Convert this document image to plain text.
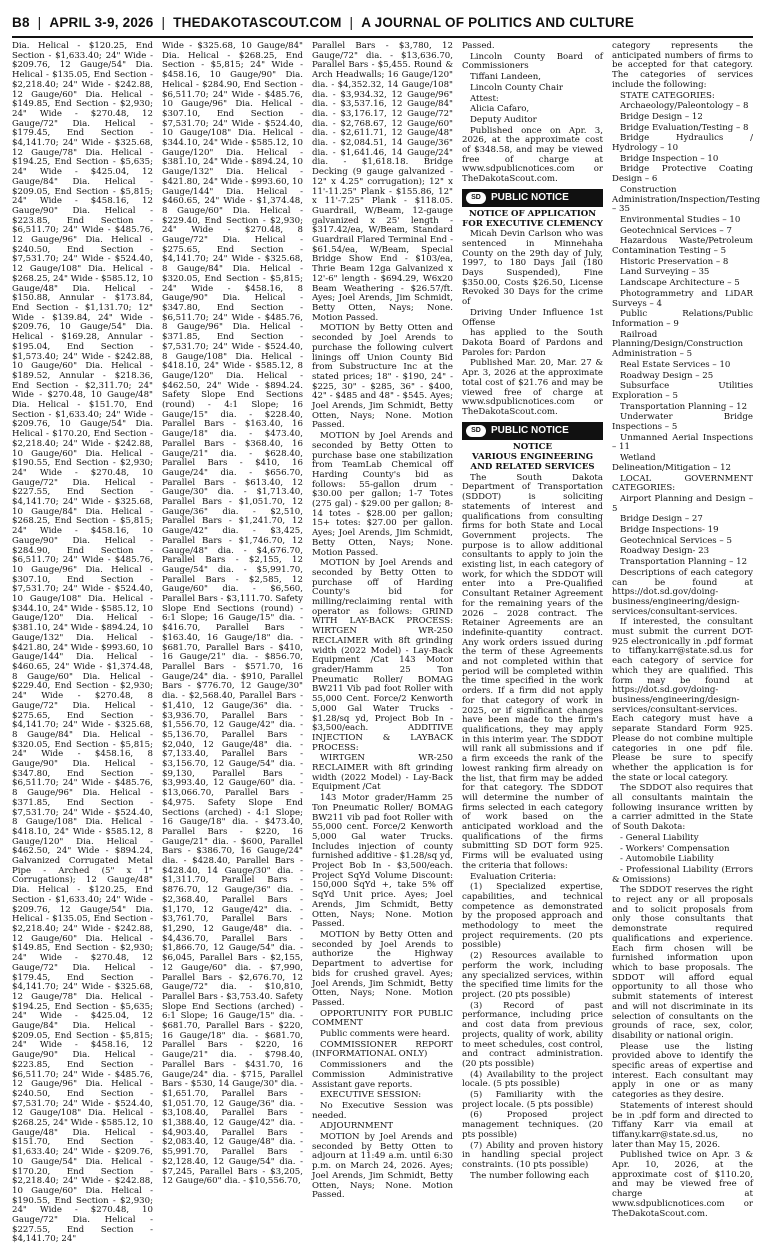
B8 | APRIL 3-9, 2026 | THEDAKOTASCOUT.COM | A JOURNAL OF POLITICS AND CULTURE

Dia. Helical - $120.25, End Section - $1,633.40; 24" Wide - $209.76, 12 Gauge/54" Dia. Helical - $135.05, End Section - $2,218.40; 24" Wide - $242.88, 12 Gauge/60" Dia. Helical - $149.85, End Section - $2,930; 24" Wide - $270.48, 12 Gauge/72" Dia. Helical - $179.45, End Section - $4,141.70; 24" Wide - $325.68, 12 Gauge/78" Dia. Helical - $194.25, End Section - $5,635; 24" Wide - $425.04, 12 Gauge/84" Dia. Helical - $209.05, End Section - $5,815; 24" Wide - $458.16, 12 Gauge/90" Dia. Helical - $223.85, End Section - $6,511.70; 24" Wide - $485.76, 12 Gauge/96" Dia. Helical - $240.50, End Section - $7,531.70; 24" Wide - $524.40, 12 Gauge/108" Dia. Helical - $268.25, 24" Wide - $585.12, 10 Gauge/48" Dia. Helical - $150.88, Annular - $173.84, End Section - $1,131.70; 12" Wide - $139.84, 24" Wide - $209.76, 10 Gauge/54" Dia. Helical - $169.28, Annular - $195.04, End Section - $1,573.40; 24" Wide - $242.88, 10 Gauge/60" Dia. Helical - $189.52, Annular - $218.36, End Section - $2,311.70; 24" Wide - $270.48, 10 Gauge/48" Dia. Helical - $151.70, End Section - $1,633.40; 24" Wide - $209.76, 10 Gauge/54" Dia. Helical - $170.20, End Section - $2,218.40; 24" Wide - $242.88, 10 Gauge/60" Dia. Helical - $190.55, End Section - $2,930; 24" Wide - $270.48, 10 Gauge/72" Dia. Helical - $227.55, End Section - $4,141.70; 24" Wide - $325.68, 10 Gauge/84" Dia. Helical - $268.25, End Section - $5,815; 24" Wide - $458.16, 10 Gauge/90" Dia. Helical - $284.90, End Section - $6,511.70; 24" Wide - $485.76, 10 Gauge/96" Dia. Helical - $307.10, End Section - $7,531.70; 24" Wide - $524.40, 10 Gauge/108" Dia. Helical - $344.10, 24" Wide - $585.12, 10 Gauge/120" Dia. Helical - $381.10, 24" Wide - $894.24, 10 Gauge/132" Dia. Helical - $421.80, 24" Wide - $993.60, 10 Gauge/144" Dia. Helical - $460.65, 24" Wide - $1,374.48, 8 Gauge/60" Dia. Helical - $229.40, End Section - $2,930; 24" Wide - $270.48, 8 Gauge/72" Dia. Helical - $275.65, End Section - $4,141.70; 24" Wide - $325.68, 8 Gauge/84" Dia. Helical - $320.05, End Section - $5,815; 24" Wide - $458.16, 8 Gauge/90" Dia. Helical - $347.80, End Section - $6,511.70; 24" Wide - $485.76, 8 Gauge/96" Dia. Helical - $371.85, End Section - $7,531.70; 24" Wide - $524.40, 8 Gauge/108" Dia. Helical - $418.10, 24" Wide - $585.12, 8 Gauge/120" Dia. Helical - $462.50, 24" Wide - $894.24, Galvanized Corrugated Metal Pipe - Arched (5" x 1" Corrugations); 12 Gauge/48" Dia. Helical - $120.25, End Section - $1,633.40; 24" Wide - $209.76, 12 Gauge/54" Dia. Helical - $135.05, End Section - $2,218.40; 24" Wide - $242.88, 12 Gauge/60" Dia. Helical - $149.85, End Section - $2,930; 24" Wide - $270.48, 12 Gauge/72" Dia. Helical - $179.45, End Section - $4,141.70; 24" Wide - $325.68, 12 Gauge/78" Dia. Helical - $194.25, End Section - $5,635; 24" Wide - $425.04, 12 Gauge/84" Dia. Helical - $209.05, End Section - $5,815; 24" Wide - $458.16, 12 Gauge/90" Dia. Helical - $223.85, End Section - $6,511.70; 24" Wide - $485.76, 12 Gauge/96" Dia. Helical - $240.50, End Section - $7,531.70; 24" Wide - $524.40, 12 Gauge/108" Dia. Helical - $268.25, 24" Wide - $585.12, 10 Gauge/48" Dia. Helical - $151.70, End Section - $1,633.40; 24" Wide - $209.76, 10 Gauge/54" Dia. Helical - $170.20, End Section - $2,218.40; 24" Wide - $242.88, 10 Gauge/60" Dia. Helical - $190.55, End Section - $2,930; 24" Wide - $270.48, 10 Gauge/72" Dia. Helical - $227.55, End Section - $4,141.70; 24"

Wide - $325.68, 10 Gauge/84" Dia. Helical - $268.25, End Section - $5,815; 24" Wide - $458.16, 10 Gauge/90" Dia. Helical - $284.90, End Section - $6,511.70; 24" Wide - $485.76, 10 Gauge/96" Dia. Helical - $307.10, End Section - $7,531.70; 24" Wide - $524.40, 10 Gauge/108" Dia. Helical - $344.10, 24" Wide - $585.12, 10 Gauge/120" Dia. Helical - $381.10, 24" Wide - $894.24, 10 Gauge/132" Dia. Helical - $421.80, 24" Wide - $993.60, 10 Gauge/144" Dia. Helical - $460.65, 24" Wide - $1,374.48, 8 Gauge/60" Dia. Helical - $229.40, End Section - $2,930; 24" Wide - $270.48, 8 Gauge/72" Dia. Helical - $275.65, End Section - $4,141.70; 24" Wide - $325.68, 8 Gauge/84" Dia. Helical - $320.05, End Section - $5,815; 24" Wide - $458.16, 8 Gauge/90" Dia. Helical - $347.80, End Section - $6,511.70; 24" Wide - $485.76, 8 Gauge/96" Dia. Helical - $371.85, End Section - $7,531.70; 24" Wide - $524.40, 8 Gauge/108" Dia. Helical - $418.10, 24" Wide - $585.12, 8 Gauge/120" Dia. Helical - $462.50, 24" Wide - $894.24. Safety Slope End Sections (round) - 4:1 Slope; 16 Gauge/15" dia. - $228.40, Parallel Bars - $163.40, 16 Gauge/18" dia. - $473.40, Parallel Bars - $368.40, 16 Gauge/21" dia. - $628.40, Parallel Bars - $410, 16 Gauge/24" dia. - $656.70, Parallel Bars - $613.40, 12 Gauge/30" dia. - $1,713.40, Parallel Bars - $1,051.70, 12 Gauge/36" dia. - $2,510, Parallel Bars - $1,241.70, 12 Gauge/42" dia. - $3,425, Parallel Bars - $1,746.70, 12 Gauge/48" dia. - $4,676.70, Parallel Bars - $2,155, 12 Gauge/54" dia. - $5,991.70, Parallel Bars - $2,585, 12 Gauge/60" dia. - $6,560, Parallel Bars - $3,111.70. Safety Slope End Sections (round) - 6:1 Slope; 16 Gauge/15" dia. - $416.70, Parallel Bars - $163.40, 16 Gauge/18" dia. - $681.70, Parallel Bars - $410, 16 Gauge/21" dia. - $856.70, Parallel Bars - $571.70, 16 Gauge/24" dia. - $910, Parallel Bars - $776.70, 12 Gauge/30" dia. - $2,568.40, Parallel Bars - $1,410, 12 Gauge/36" dia. - $3,936.70, Parallel Bars - $1,556.70, 12 Gauge/42" dia. - $5,136.70, Parallel Bars - $2,040, 12 Gauge/48" dia. - $7,133.40, Parallel Bars - $3,156.70, 12 Gauge/54" dia. - $9,130, Parallel Bars - $3,993.40, 12 Gauge/60" dia. - $13,066.70, Parallel Bars - $4,975. Safety Slope End Sections (arched) - 4:1 Slope; 16 Gauge/18" dia. - $473.40, Parallel Bars - $220, 16 Gauge/21" dia. - $600, Parallel Bars - $386.70, 16 Gauge/24" dia. - $428.40, Parallel Bars - $428.40, 14 Gauge/30" dia. - $1,311.70, Parallel Bars - $876.70, 12 Gauge/36" dia. - $2,368.40, Parallel Bars - $1,170, 12 Gauge/42" dia. - $3,761.70, Parallel Bars - $1,290, 12 Gauge/48" dia. - $4,436.70, Parallel Bars - $1,866.70, 12 Gauge/54" dia. - $6,045, Parallel Bars - $2,155, 12 Gauge/60" dia. - $7,990, Parallel Bars - $2,676.70, 12 Gauge/72" dia. - $10,810, Parallel Bars - $3,753.40. Safety Slope End Sections (arched) - 6:1 Slope; 16 Gauge/15" dia. - $681.70, Parallel Bars - $220, 16 Gauge/18" dia. - $681.70, Parallel Bars - $220, 16 Gauge/21" dia. - $798.40, Parallel Bars - $431.70, 16 Gauge/24" dia. - $715, Parallel Bars - $530, 14 Gauge/30" dia. - $1,651.70, Parallel Bars - $1,051.70, 12 Gauge/36" dia. - $3,108.40, Parallel Bars - $1,388.40, 12 Gauge/42" dia. - $4,903.40, Parallel Bars - $2,083.40, 12 Gauge/48" dia. - $5,991.70, Parallel Bars - $2,128.40, 12 Gauge/54" dia. - $7,245, Parallel Bars - $3,205, 12 Gauge/60" dia. - $10,556.70,

Parallel Bars - $3,780, 12 Gauge/72" dia. - $13,636.70, Parallel Bars - $5,455. Round & Arch Headwalls; 16 Gauge/120" dia. - $4,352.32, 14 Gauge/108" dia. - $3,934.32, 12 Gauge/96" dia. - $3,537.16, 12 Gauge/84" dia. - $3,176.17, 12 Gauge/72" dia. - $2,768.67, 12 Gauge/60" dia. - $2,611.71, 12 Gauge/48" dia. - $2,084.51, 14 Gauge/36" dia. - $1,641.46, 14 Gauge/24" dia. - $1,618.18. Bridge Decking (9 gauge galvanized - 12" x 4.25" corrugation); 12" x 11'-11.25" Plank - $155.86, 12" x 11'-7.25" Plank - $118.05. Guardrail, W/Beam, 12-gauge galvanized x 25' length - $317.42/ea, W/Beam, Standard Guardrail Flared Terminal End - $61.54/ea, W/Beam, Special Bridge Show End - $103/ea, Thrie Beam 12ga Galvanized x 12'-6" length - $694.29, W6x20 Beam Weathering - $26.57/ft. Ayes; Joel Arends, Jim Schmidt, Betty Otten, Nays; None. Motion Passed.

MOTION by Betty Otten and seconded by Joel Arends to purchase the following culvert linings off Union County Bid from Substructure Inc at the stated prices; 18" - $190, 24" - $225, 30" - $285, 36" - $400, 42" - $485 and 48" - $545. Ayes; Joel Arends, Jim Schmidt, Betty Otten, Nays; None. Motion Passed.

MOTION by Joel Arends and seconded by Betty Otten to purchase base one stabilization from TeamLab Chemical off Harding County's bid as follows: 55-gallon drum - $30.00 per gallon; 1-7 Totes (275 gal) - $29.00 per gallon; 8-14 totes - $28.00 per gallon; 15+ totes: $27.00 per gallon. Ayes; Joel Arends, Jim Schmidt, Betty Otten, Nays; None. Motion Passed.

MOTION by Joel Arends and seconded by Betty Otten to purchase off of Harding County's bid for milling/reclaiming rental with operator as follows: GRIND WITH LAY-BACK PROCESS: WIRTGEN WR-250 RECLAIMER with 8ft grinding width (2022 Model) - Lay-Back Equipment /Cat 143 Motor grader/Hamm 25 Ton Pneumatic Roller/ BOMAG BW211 Vib pad foot Roller with 55,000 Cent. Force/2 Kenworth 5,000 Gal Water Trucks - $1.28/sq yd, Project Bob In - $3,500/each. ADDITIVE INJECTION & LAYBACK PROCESS:

WIRTGEN WR-250 RECLAIMER with 8ft grinding width (2022 Model) - Lay-Back Equipment /Cat

143 Motor grader/Hamm 25 Ton Pneumatic Roller/ BOMAG BW211 vib pad foot Roller with 55,000 cent. Force/2 Kenworth 5,000 Gal water Trucks. Includes injection of county furnished additive - $1.28/sq yd, Project Bob In - $3,500/each. Project SqYd Volume Discount: 150,000 SqYd +, take 5% off SqYd Unit price. Ayes; Joel Arends, Jim Schmidt, Betty Otten, Nays; None. Motion Passed.

MOTION by Betty Otten and seconded by Joel Arends to authorize the Highway Department to advertise for bids for crushed gravel. Ayes; Joel Arends, Jim Schmidt, Betty Otten, Nays; None. Motion Passed.

OPPORTUNITY FOR PUBLIC COMMENT

Public comments were heard.

COMMISSIONER REPORT (INFORMATIONAL ONLY)

Commissioners and the Commission Administrative Assistant gave reports.

EXECUTIVE SESSION:

No Executive Session was needed.

ADJOURNMENT

MOTION by Joel Arends and seconded by Betty Otten to adjourn at 11:49 a.m. until 6:30 p.m. on March 24, 2026. Ayes; Joel Arends, Jim Schmidt, Betty Otten, Nays; None. Motion Passed.

Passed.

Lincoln County Board of Commissioners

Tiffani Landeen,

Lincoln County Chair

Attest:

Alicia Cafaro,

Deputy Auditor

Published once on Apr. 3, 2026, at the approximate cost of $348.58, and may be viewed free of charge at www.sdpublicnotices.com or TheDakotaScout.com.

SD	PUBLIC NOTICE

NOTICE OF APPLICATION FOR EXECUTIVE CLEMENCY

Micah Devin Carlson who was sentenced in Minnehaha County on the 29th day of July, 1997, to 180 Days Jail (180 Days Suspended), Fine $350.00, Costs $26.50, License Revoked 30 Days for the crime of

Driving Under Influence 1st Offense

has applied to the South Dakota Board of Pardons and Paroles for: Pardon

Published Mar. 20, Mar. 27 & Apr. 3, 2026 at the approximate total cost of $21.76 and may be viewed free of charge at www.sdpublicnotices.com or TheDakotaScout.com.

SD	PUBLIC NOTICE

NOTICE

VARIOUS ENGINEERING AND RELATED SERVICES

The South Dakota Department of Transportation (SDDOT) is soliciting statements of interest and qualifications from consulting firms for both State and Local Government projects. The purpose is to allow additional consultants to apply to join the existing list, in each category of work, for which the SDDOT will enter into a Pre-Qualified Consultant Retainer Agreement for the remaining years of the 2026 – 2028 contract. The Retainer Agreements are an indefinite-quantity contract. Any work orders issued during the term of these Agreements and not completed within that period will be completed within the time specified in the work orders. If a firm did not apply for that category of work in 2025, or if significant changes have been made to the firm's qualifications, they may apply in this interim year. The SDDOT will rank all submissions and if a firm exceeds the rank of the lowest ranking firm already on the list, that firm may be added for that category. The SDDOT will determine the number of firms selected in each category of work based on the anticipated workload and the qualifications of the firms submitting SD DOT form 925. Firms will be evaluated using the criteria that follows:

Evaluation Criteria:

(1) Specialized expertise, capabilities, and technical competence as demonstrated by the proposed approach and methodology to meet the project requirements. (20 pts possible)

(2) Resources available to perform the work, including any specialized services, within the specified time limits for the project. (20 pts possible)

(3) Record of past performance, including price and cost data from previous projects, quality of work, ability to meet schedules, cost control, and contract administration. (20 pts possible)

(4) Availability to the project locale. (5 pts possible)

(5) Familiarity with the project locale. (5 pts possible)

(6) Proposed project management techniques. (20 pts possible)

(7) Ability and proven history in handling special project constraints. (10 pts possible)

The number following each

category represents the anticipated numbers of firms to be accepted for that category. The categories of services include the following:

STATE CATEGORIES:

Archaeology/Paleontology – 8

Bridge Design – 12

Bridge Evaluation/Testing – 8

Bridge Hydraulics / Hydrology – 10

Bridge Inspection – 10

Bridge Protective Coating Design – 6

Construction Administration/Inspection/Testing – 35

Environmental Studies – 10

Geotechnical Services – 7

Hazardous Waste/Petroleum Contamination Testing – 5

Historic Preservation – 8

Land Surveying – 35

Landscape Architecture – 5

Photogrammetry and LiDAR Surveys – 4

Public Relations/Public Information – 9

Railroad Planning/Design/Construction Administration – 5

Real Estate Services – 10

Roadway Design – 25

Subsurface Utilities Exploration – 5

Transportation Planning – 12

Underwater Bridge Inspections – 5

Unmanned Aerial Inspections – 11

Wetland Delineation/Mitigation – 12

LOCAL GOVERNMENT CATEGORIES:

Airport Planning and Design – 5

Bridge Design – 27

Bridge Inspections- 19

Geotechnical Services – 5

Roadway Design- 23

Transportation Planning – 12

Descriptions of each category can be found at https://dot.sd.gov/doing-business/engineering/design-services/consultant-services.

If interested, the consultant must submit the current DOT-925 electronically in .pdf format to tiffany.karr@state.sd.us for each category of service for which they are qualified. This form may be found at https://dot.sd.gov/doing-business/engineering/design-services/consultant-services. Each category must have a separate Standard Form 925. Please do not combine multiple categories in one pdf file. Please be sure to specify whether the application is for the state or local category.

The SDDOT also requires that all consultants maintain the following insurance written by a carrier admitted in the State of South Dakota:

- General Liability

- Workers' Compensation

- Automobile Liability

- Professional Liability (Errors & Omissions)

The SDDOT reserves the right to reject any or all proposals and to solicit proposals from only those consultants that demonstrate required qualifications and experience. Each firm chosen will be furnished information upon which to base proposals. The SDDOT will afford equal opportunity to all those who submit statements of interest and will not discriminate in its selection of consultants on the grounds of race, sex, color, disability or national origin.

Please use the listing provided above to identify the specific areas of expertise and interest. Each consultant may apply in one or as many categories as they desire.

Statements of interest should be in .pdf form and directed to Tiffany Karr via email at tiffany.karr@state.sd.us, no later than May 15, 2026.

Published twice on Apr. 3 & Apr. 10, 2026, at the approximate cost of $110.20, and may be viewed free of charge at www.sdpublicnotices.com or TheDakotaScout.com.
